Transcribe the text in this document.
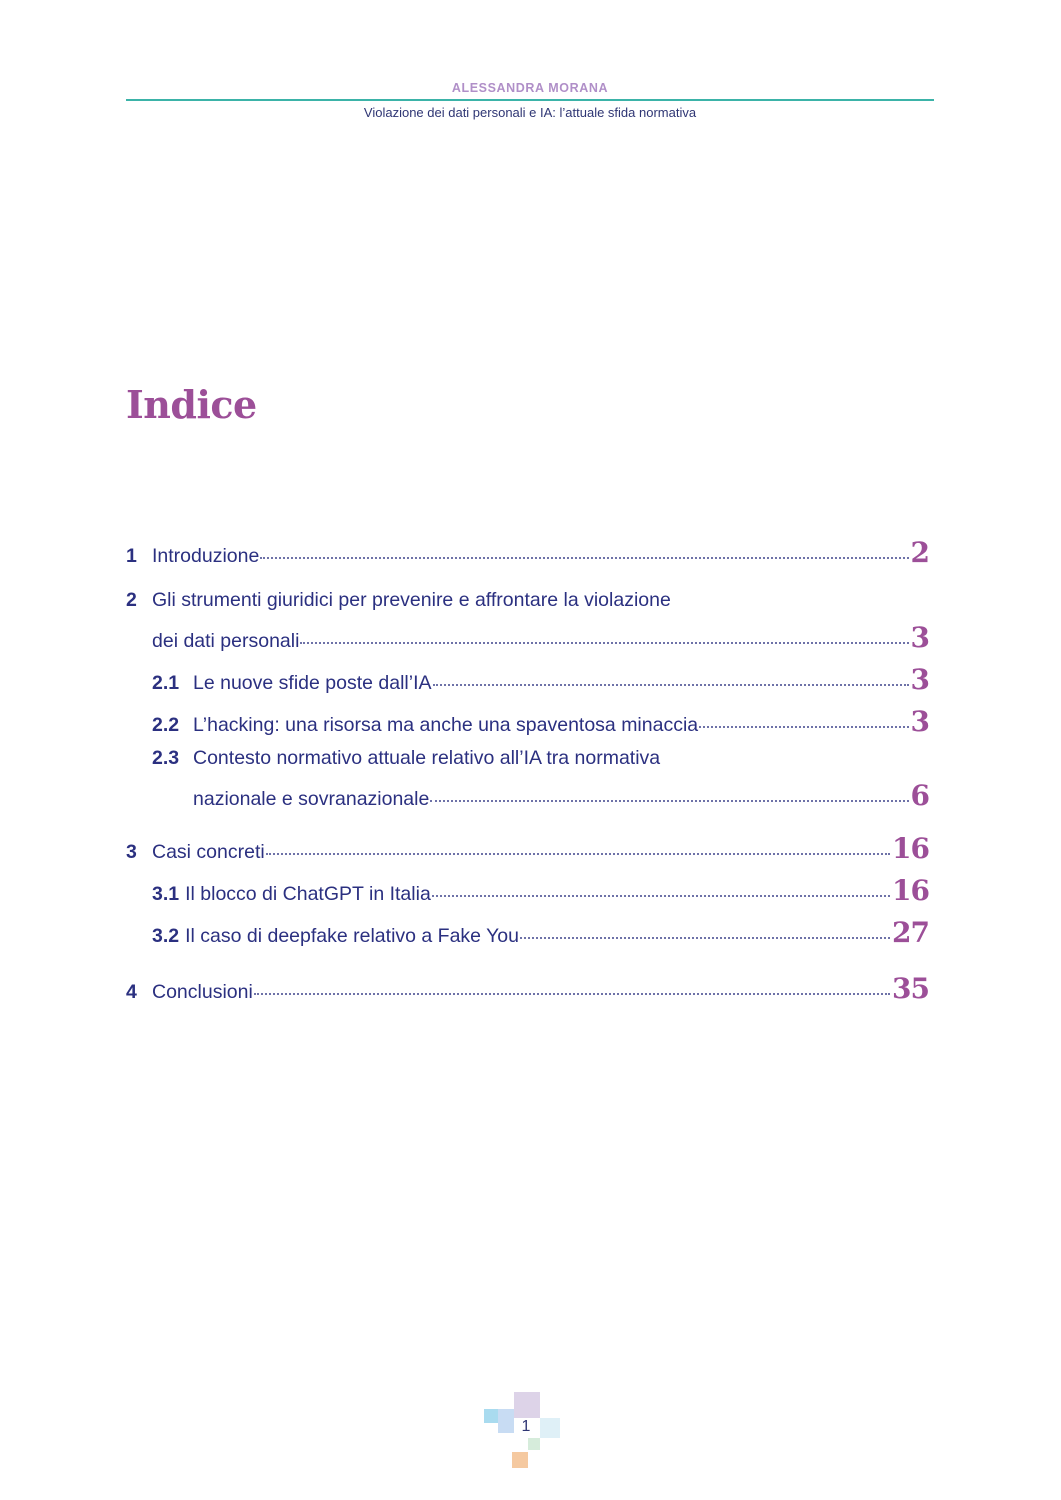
ALESSANDRA MORANA
Violazione dei dati personali e IA: l’attuale sfida normativa
Indice
1 Introduzione	2
2 Gli strumenti giuridici per prevenire e affrontare la violazione
dei dati personali	3
2.1 Le nuove sfide poste dall’IA	3
2.2 L’hacking: una risorsa ma anche una spaventosa minaccia	3
2.3 Contesto normativo attuale relativo all’IA tra normativa
nazionale e sovranazionale	6
3 Casi concreti	16
3.1 Il blocco di ChatGPT in Italia	16
3.2 Il caso di deepfake relativo a Fake You	27
4 Conclusioni	35
1
